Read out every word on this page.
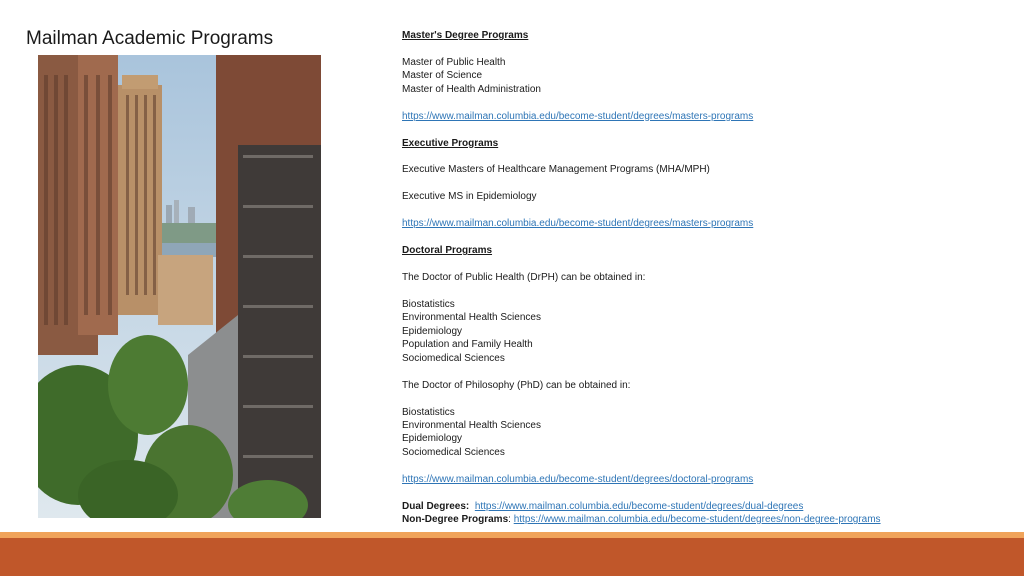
Mailman Academic Programs	Master's Degree Programs
Master of Public Health
Master of Science
Master of Health Administration
https://www.mailman.columbia.edu/become-student/degrees/masters-programs
Executive Programs
Executive Masters of Healthcare Management Programs (MHA/MPH)
Executive MS in Epidemiology
https://www.mailman.columbia.edu/become-student/degrees/masters-programs
Doctoral Programs
The Doctor of Public Health (DrPH) can be obtained in:
Biostatistics
Environmental Health Sciences
Epidemiology
Population and Family Health
Sociomedical Sciences
The Doctor of Philosophy (PhD) can be obtained in:
Biostatistics
Environmental Health Sciences
Epidemiology
Sociomedical Sciences
https://www.mailman.columbia.edu/become-student/degrees/doctoral-programs
Dual Degrees: https://www.mailman.columbia.edu/become-student/degrees/dual-degrees
Non-Degree Programs: https://www.mailman.columbia.edu/become-student/degrees/non-degree-programs
